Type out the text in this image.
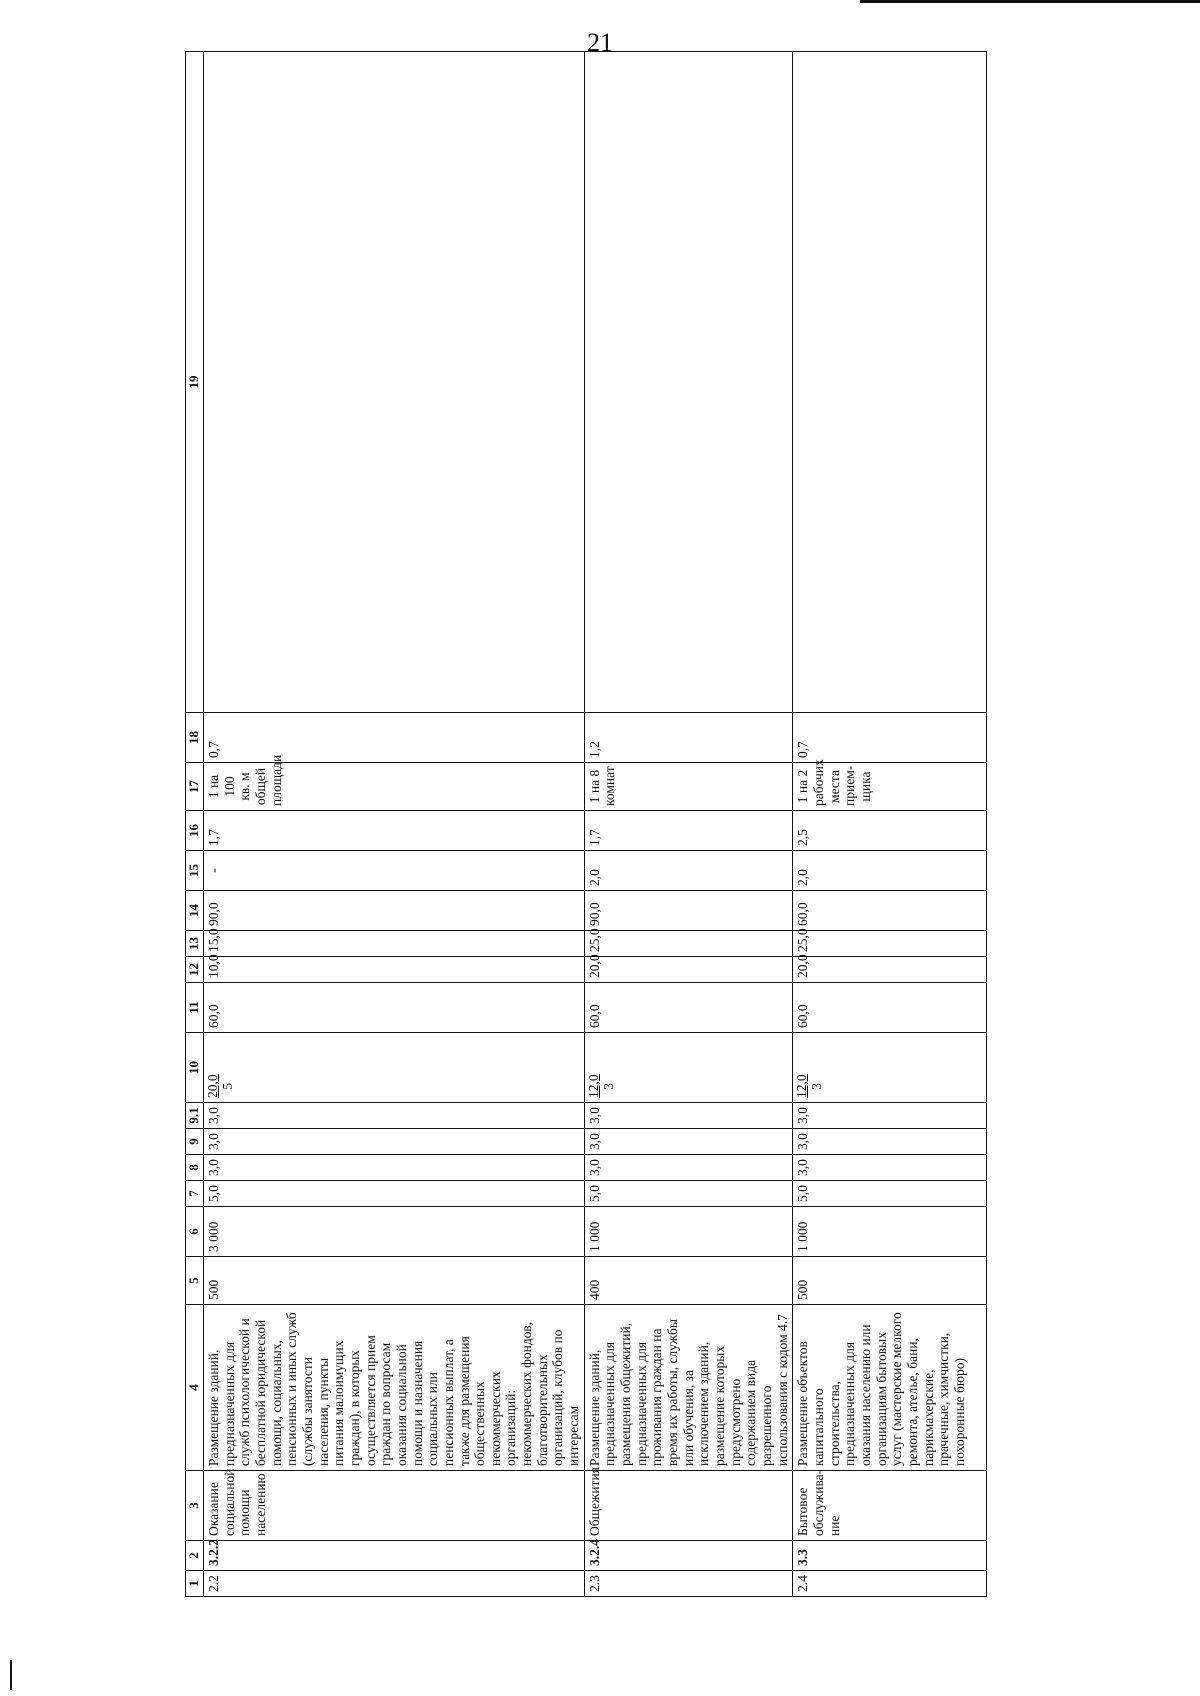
21
1	2	3	4	5	6	7	8	9	9.1	10	11	12	13	14	15	16	17	18	19
2.2	3.2.2	Оказание социальной помощи населению	Размещение зданий, предназначенных для служб психологической и бесплатной юридической помощи, социальных, пенсионных и иных служб (службы занятости населения, пункты питания малоимущих граждан), в которых осуществляется прием граждан по вопросам оказания социальной помощи и назначения социальных или пенсионных выплат, а также для размещения общественных некоммерческих организаций: некоммерческих фондов, благотворительных организаций, клубов по интересам	500	3 000	5,0	3,0	3,0	3,0	20,0 5	60,0	10,0	15,0	90,0	-	1,7	1 на 100 кв. м общей площади	0,7	
2.3	3.2.4	Общежития	Размещение зданий, предназначенных для размещения общежитий, предназначенных для проживания граждан на время их работы, службы или обучения, за исключением зданий, размещение которых предусмотрено содержанием вида разрешенного использования с кодом 4.7	400	1 000	5,0	3,0	3,0	3,0	12,0 3	60,0	20,0	25,0	90,0	2,0	1,7	1 на 8 комнат	1,2	
2.4	3.3	Бытовое обслужива-ние	Размещение объектов капитального строительства, предназначенных для оказания населению или организациям бытовых услуг (мастерские мелкого ремонта, ателье, бани, парикмахерские, прачечные, химчистки, похоронные бюро)	500	1 000	5,0	3,0	3,0	3,0	12,0 3	60,0	20,0	25,0	60,0	2,0	2,5	1 на 2 рабочих места прием-щика	0,7	
